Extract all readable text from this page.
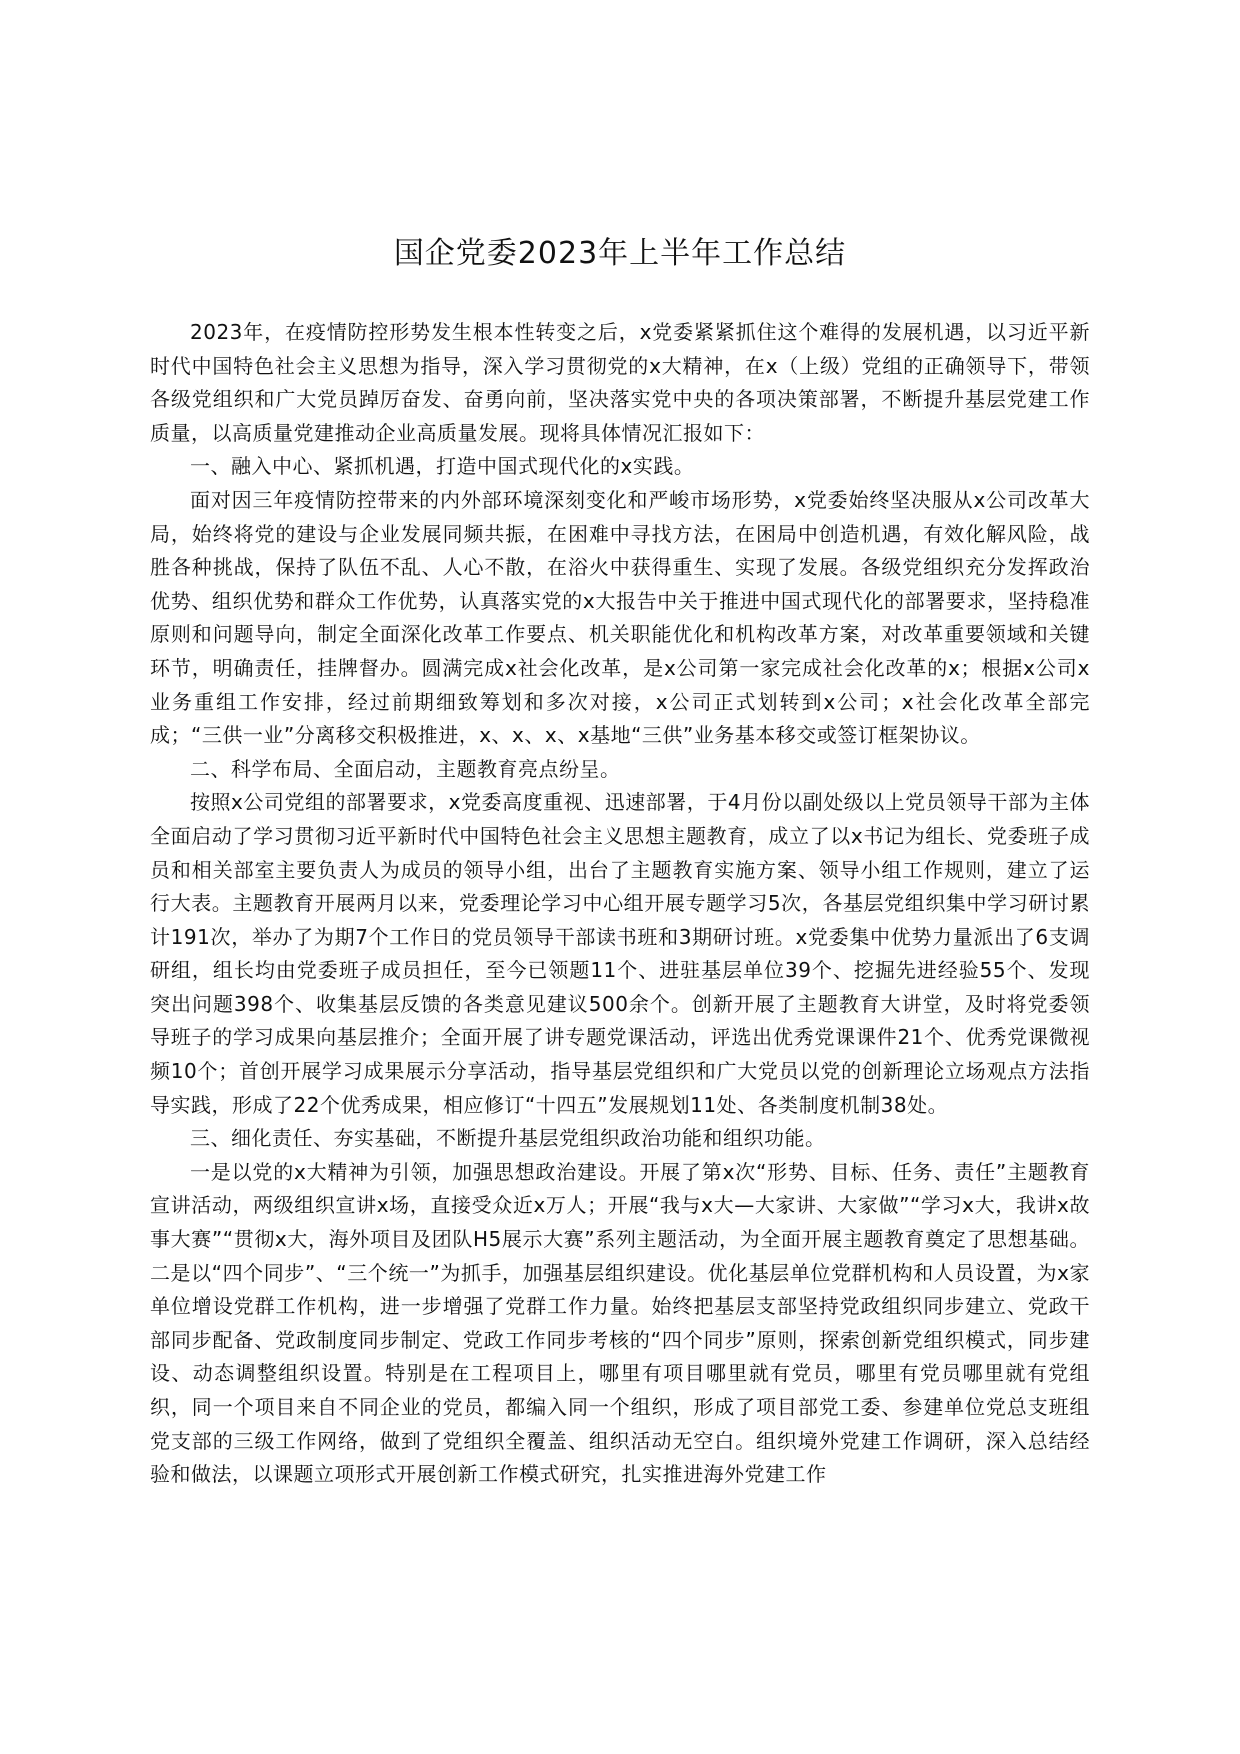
国企党委2023年上半年工作总结

2023年，在疫情防控形势发生根本性转变之后，x党委紧紧抓住这个难得的发展机遇，以习近平新时代中国特色社会主义思想为指导，深入学习贯彻党的x大精神，在x（上级）党组的正确领导下，带领各级党组织和广大党员踔厉奋发、奋勇向前，坚决落实党中央的各项决策部署，不断提升基层党建工作质量，以高质量党建推动企业高质量发展。现将具体情况汇报如下：

一、融入中心、紧抓机遇，打造中国式现代化的x实践。

面对因三年疫情防控带来的内外部环境深刻变化和严峻市场形势，x党委始终坚决服从x公司改革大局，始终将党的建设与企业发展同频共振，在困难中寻找方法，在困局中创造机遇，有效化解风险，战胜各种挑战，保持了队伍不乱、人心不散，在浴火中获得重生、实现了发展。各级党组织充分发挥政治优势、组织优势和群众工作优势，认真落实党的x大报告中关于推进中国式现代化的部署要求，坚持稳准原则和问题导向，制定全面深化改革工作要点、机关职能优化和机构改革方案，对改革重要领域和关键环节，明确责任，挂牌督办。圆满完成x社会化改革，是x公司第一家完成社会化改革的x；根据x公司x业务重组工作安排，经过前期细致筹划和多次对接，x公司正式划转到x公司；x社会化改革全部完成；“三供一业”分离移交积极推进，x、x、x、x基地“三供”业务基本移交或签订框架协议。

二、科学布局、全面启动，主题教育亮点纷呈。

按照x公司党组的部署要求，x党委高度重视、迅速部署，于4月份以副处级以上党员领导干部为主体全面启动了学习贯彻习近平新时代中国特色社会主义思想主题教育，成立了以x书记为组长、党委班子成员和相关部室主要负责人为成员的领导小组，出台了主题教育实施方案、领导小组工作规则，建立了运行大表。主题教育开展两月以来，党委理论学习中心组开展专题学习5次，各基层党组织集中学习研讨累计191次，举办了为期7个工作日的党员领导干部读书班和3期研讨班。x党委集中优势力量派出了6支调研组，组长均由党委班子成员担任，至今已领题11个、进驻基层单位39个、挖掘先进经验55个、发现突出问题398个、收集基层反馈的各类意见建议500余个。创新开展了主题教育大讲堂，及时将党委领导班子的学习成果向基层推介；全面开展了讲专题党课活动，评选出优秀党课课件21个、优秀党课微视频10个；首创开展学习成果展示分享活动，指导基层党组织和广大党员以党的创新理论立场观点方法指导实践，形成了22个优秀成果，相应修订“十四五”发展规划11处、各类制度机制38处。

三、细化责任、夯实基础，不断提升基层党组织政治功能和组织功能。

一是以党的x大精神为引领，加强思想政治建设。开展了第x次“形势、目标、任务、责任”主题教育宣讲活动，两级组织宣讲x场，直接受众近x万人；开展“我与x大—大家讲、大家做”“学习x大，我讲x故事大赛”“贯彻x大，海外项目及团队H5展示大赛”系列主题活动，为全面开展主题教育奠定了思想基础。二是以“四个同步”、“三个统一”为抓手，加强基层组织建设。优化基层单位党群机构和人员设置，为x家单位增设党群工作机构，进一步增强了党群工作力量。始终把基层支部坚持党政组织同步建立、党政干部同步配备、党政制度同步制定、党政工作同步考核的“四个同步”原则，探索创新党组织模式，同步建设、动态调整组织设置。特别是在工程项目上，哪里有项目哪里就有党员，哪里有党员哪里就有党组织，同一个项目来自不同企业的党员，都编入同一个组织，形成了项目部党工委、参建单位党总支班组党支部的三级工作网络，做到了党组织全覆盖、组织活动无空白。组织境外党建工作调研，深入总结经验和做法，以课题立项形式开展创新工作模式研究，扎实推进海外党建工作
